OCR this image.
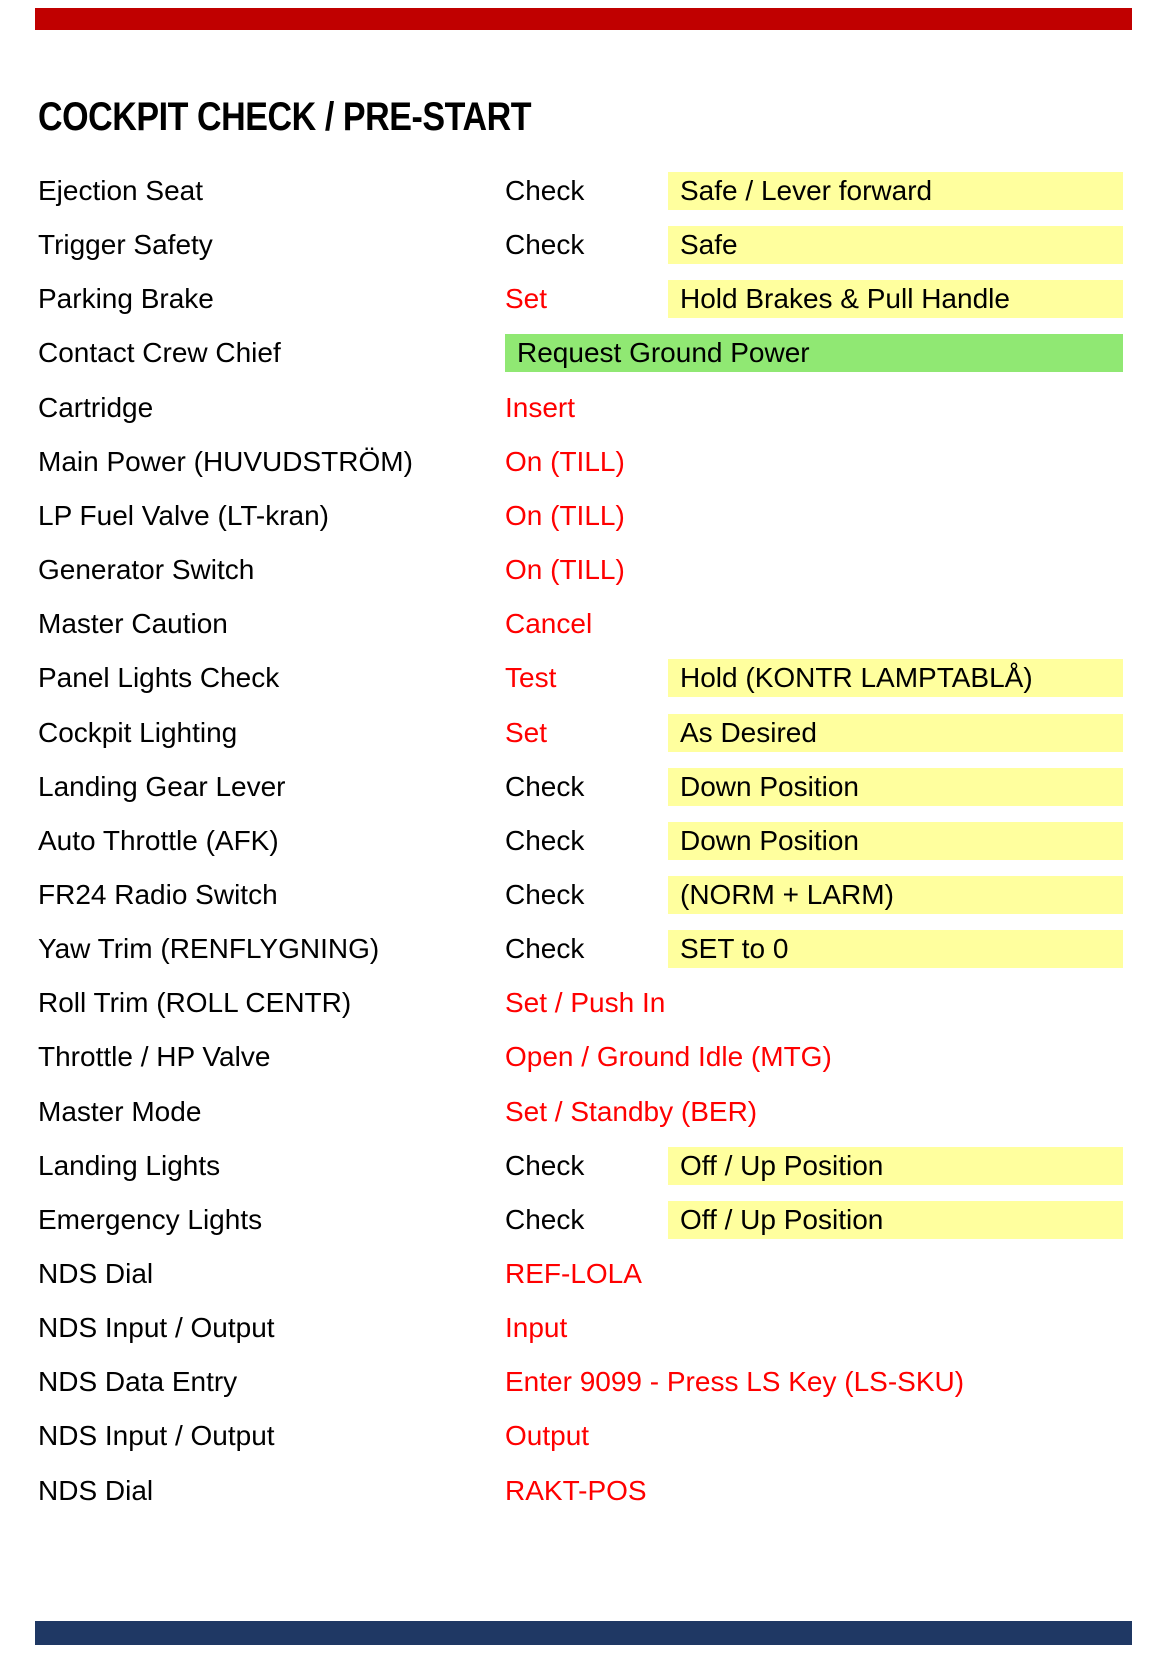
COCKPIT CHECK / PRE-START
Ejection Seat	Check	Safe / Lever forward
Trigger Safety	Check	Safe
Parking Brake	Set	Hold Brakes & Pull Handle
Contact Crew Chief	Request Ground Power
Cartridge	Insert
Main Power (HUVUDSTRÖM)	On (TILL)
LP Fuel Valve (LT-kran)	On (TILL)
Generator Switch	On (TILL)
Master Caution	Cancel
Panel Lights Check	Test	Hold (KONTR LAMPTABLÅ)
Cockpit Lighting	Set	As Desired
Landing Gear Lever	Check	Down Position
Auto Throttle (AFK)	Check	Down Position
FR24 Radio Switch	Check	(NORM + LARM)
Yaw Trim (RENFLYGNING)	Check	SET to 0
Roll Trim (ROLL CENTR)	Set / Push In
Throttle / HP Valve	Open / Ground Idle (MTG)
Master Mode	Set / Standby (BER)
Landing Lights	Check	Off / Up Position
Emergency Lights	Check	Off / Up Position
NDS Dial	REF-LOLA
NDS Input / Output	Input
NDS Data Entry	Enter 9099 - Press LS Key (LS-SKU)
NDS Input / Output	Output
NDS Dial	RAKT-POS
